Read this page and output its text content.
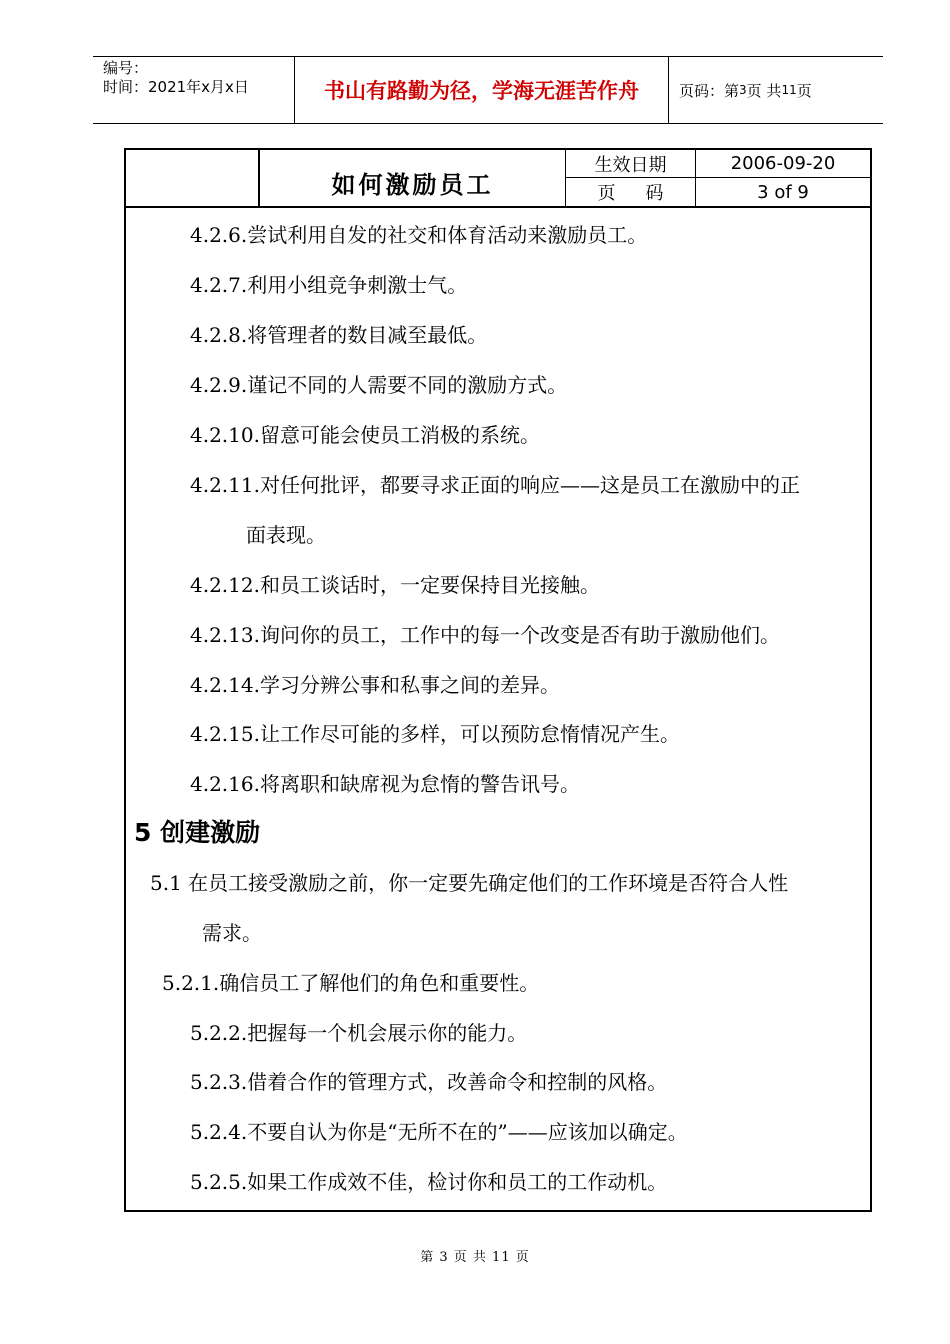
编号：
时间：2021年x月x日	书山有路勤为径，学海无涯苦作舟	页码：第 3 页 共 11 页
如何激励员工
生效日期	2006-09-20
页码	3 of 9
4.2.6.尝试利用自发的社交和体育活动来激励员工。
4.2.7.利用小组竞争刺激士气。
4.2.8.将管理者的数目减至最低。
4.2.9.谨记不同的人需要不同的激励方式。
4.2.10.留意可能会使员工消极的系统。
4.2.11.对任何批评，都要寻求正面的响应——这是员工在激励中的正
面表现。
4.2.12.和员工谈话时，一定要保持目光接触。
4.2.13.询问你的员工，工作中的每一个改变是否有助于激励他们。
4.2.14.学习分辨公事和私事之间的差异。
4.2.15.让工作尽可能的多样，可以预防怠惰情况产生。
4.2.16.将离职和缺席视为怠惰的警告讯号。
5 创建激励
5.1 在员工接受激励之前，你一定要先确定他们的工作环境是否符合人性
需求。
5.2.1.确信员工了解他们的角色和重要性。
5.2.2.把握每一个机会展示你的能力。
5.2.3.借着合作的管理方式，改善命令和控制的风格。
5.2.4.不要自认为你是“无所不在的”——应该加以确定。
5.2.5.如果工作成效不佳，检讨你和员工的工作动机。
第 3 页 共 11 页
